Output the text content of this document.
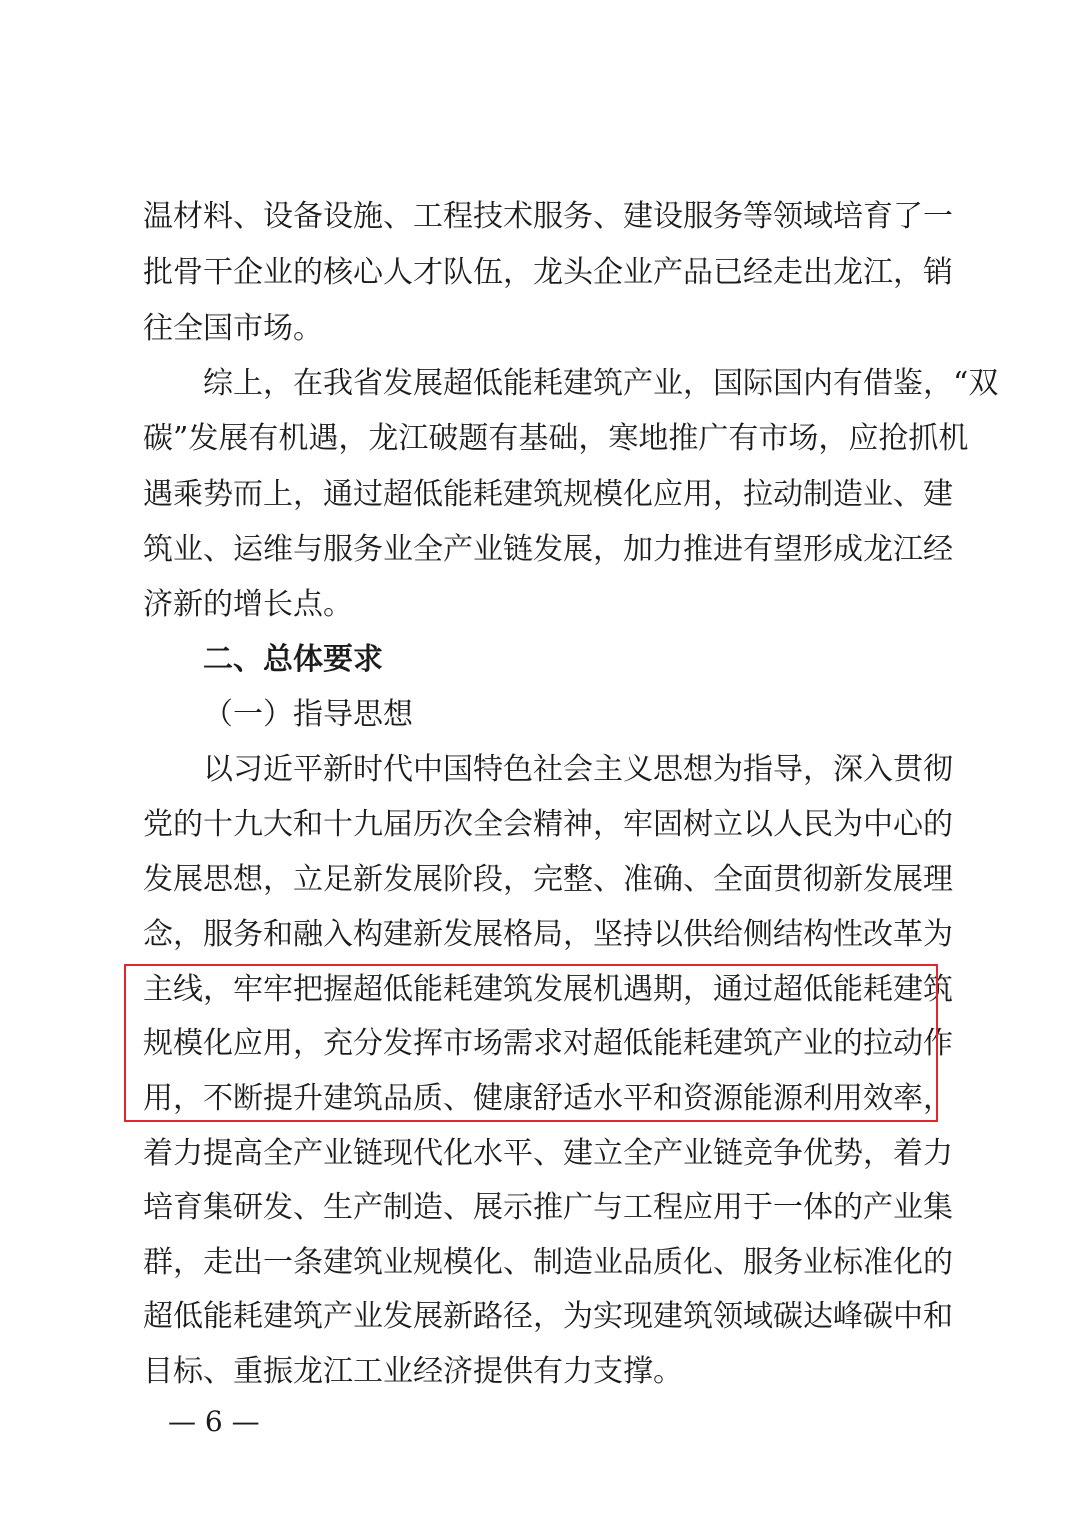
温材料、设备设施、工程技术服务、建设服务等领域培育了一
批骨干企业的核心人才队伍，龙头企业产品已经走出龙江，销
往全国市场。
综上，在我省发展超低能耗建筑产业，国际国内有借鉴，“双
碳”发展有机遇，龙江破题有基础，寒地推广有市场，应抢抓机
遇乘势而上，通过超低能耗建筑规模化应用，拉动制造业、建
筑业、运维与服务业全产业链发展，加力推进有望形成龙江经
济新的增长点。
二、总体要求
（一）指导思想
以习近平新时代中国特色社会主义思想为指导，深入贯彻
党的十九大和十九届历次全会精神，牢固树立以人民为中心的
发展思想，立足新发展阶段，完整、准确、全面贯彻新发展理
念，服务和融入构建新发展格局，坚持以供给侧结构性改革为
主线，牢牢把握超低能耗建筑发展机遇期，通过超低能耗建筑
规模化应用，充分发挥市场需求对超低能耗建筑产业的拉动作
用，不断提升建筑品质、健康舒适水平和资源能源利用效率，
着力提高全产业链现代化水平、建立全产业链竞争优势，着力
培育集研发、生产制造、展示推广与工程应用于一体的产业集
群，走出一条建筑业规模化、制造业品质化、服务业标准化的
超低能耗建筑产业发展新路径，为实现建筑领域碳达峰碳中和
目标、重振龙江工业经济提供有力支撑。
— 6 —
